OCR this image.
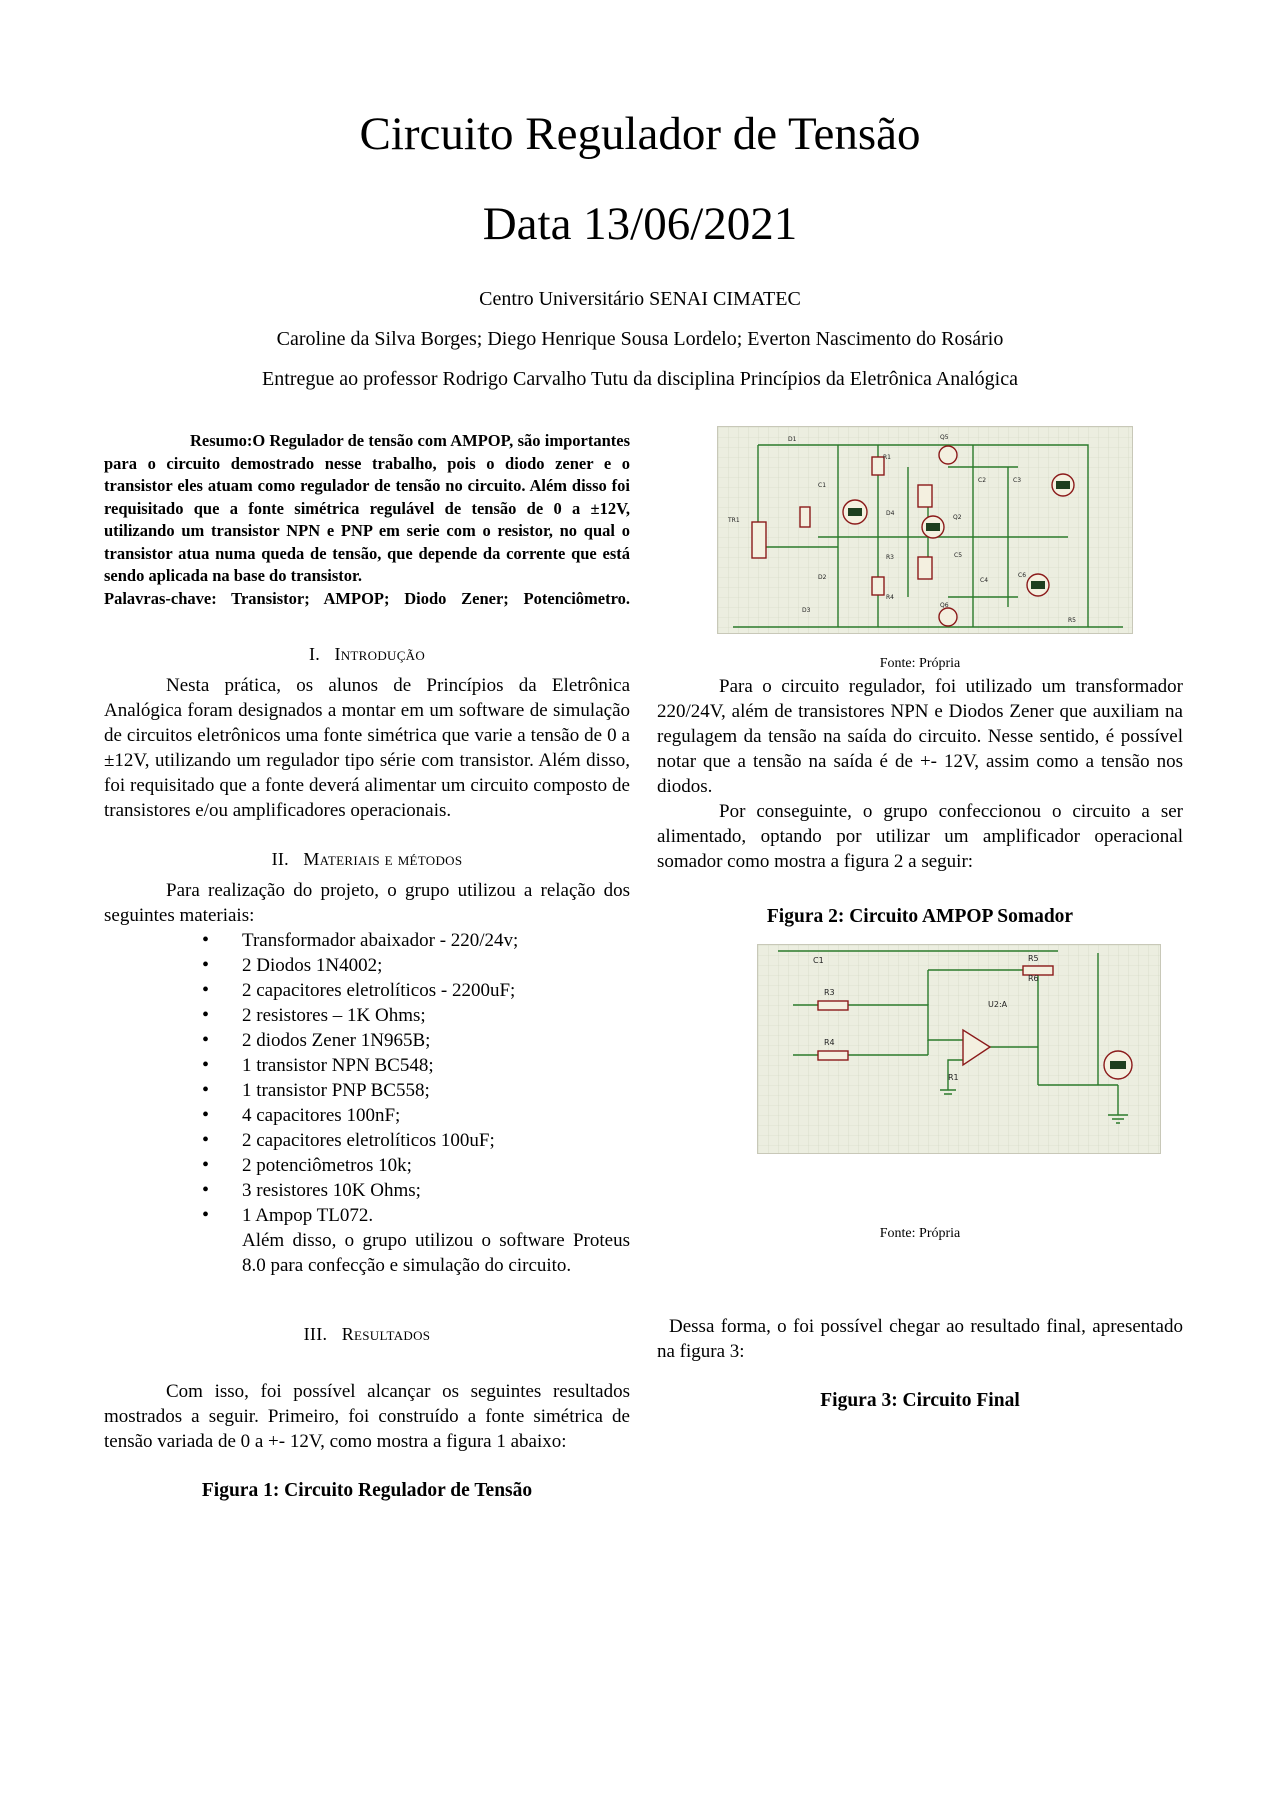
Circuito Regulador de Tensão
Data 13/06/2021

Centro Universitário SENAI CIMATEC

Caroline da Silva Borges; Diego Henrique Sousa Lordelo; Everton Nascimento do Rosário

Entregue ao professor Rodrigo Carvalho Tutu da disciplina Princípios da Eletrônica Analógica

Resumo:O Regulador de tensão com AMPOP, são importantes para o circuito demostrado nesse trabalho, pois o diodo zener e o transistor eles atuam como regulador de tensão no circuito. Além disso foi requisitado que a fonte simétrica regulável de tensão de 0 a ±12V, utilizando um transistor NPN e PNP em serie com o resistor, no qual o transistor atua numa queda de tensão, que depende da corrente que está sendo aplicada na base do transistor.
Palavras-chave: Transistor; AMPOP; Diodo Zener; Potenciômetro.
I. Introdução
Nesta prática, os alunos de Princípios da Eletrônica Analógica foram designados a montar em um software de simulação de circuitos eletrônicos uma fonte simétrica que varie a tensão de 0 a ±12V, utilizando um regulador tipo série com transistor. Além disso, foi requisitado que a fonte deverá alimentar um circuito composto de transistores e/ou amplificadores operacionais.
II. Materiais e métodos
Para realização do projeto, o grupo utilizou a relação dos seguintes materiais:
• Transformador abaixador - 220/24v;
• 2 Diodos 1N4002;
• 2 capacitores eletrolíticos - 2200uF;
• 2 resistores – 1K Ohms;
• 2 diodos Zener 1N965B;
• 1 transistor NPN BC548;
• 1 transistor PNP BC558;
• 4 capacitores 100nF;
• 2 capacitores eletrolíticos 100uF;
• 2 potenciômetros 10k;
• 3 resistores 10K Ohms;
• 1 Ampop TL072.
Além disso, o grupo utilizou o software Proteus 8.0 para confecção e simulação do circuito.
III. Resultados
Com isso, foi possível alcançar os seguintes resultados mostrados a seguir. Primeiro, foi construído a fonte simétrica de tensão variada de 0 a +- 12V, como mostra a figura 1 abaixo:
Figura 1: Circuito Regulador de Tensão
D1	Q5
R1
C1
C2	C3
TR1
D4
C4
Q6
R3
D2
Q2
R4
C5
C6
D3
R5
Fonte: Própria
Para o circuito regulador, foi utilizado um transformador 220/24V, além de transistores NPN e Diodos Zener que auxiliam na regulagem da tensão na saída do circuito. Nesse sentido, é possível notar que a tensão na saída é de +- 12V, assim como a tensão nos diodos.
Por conseguinte, o grupo confeccionou o circuito a ser alimentado, optando por utilizar um amplificador operacional somador como mostra a figura 2 a seguir:
Figura 2: Circuito AMPOP Somador
C1	R5
R3
R4
U2:A
R6
R1
Fonte: Própria
Dessa forma, o foi possível chegar ao resultado final, apresentado na figura 3:
Figura 3: Circuito Final
